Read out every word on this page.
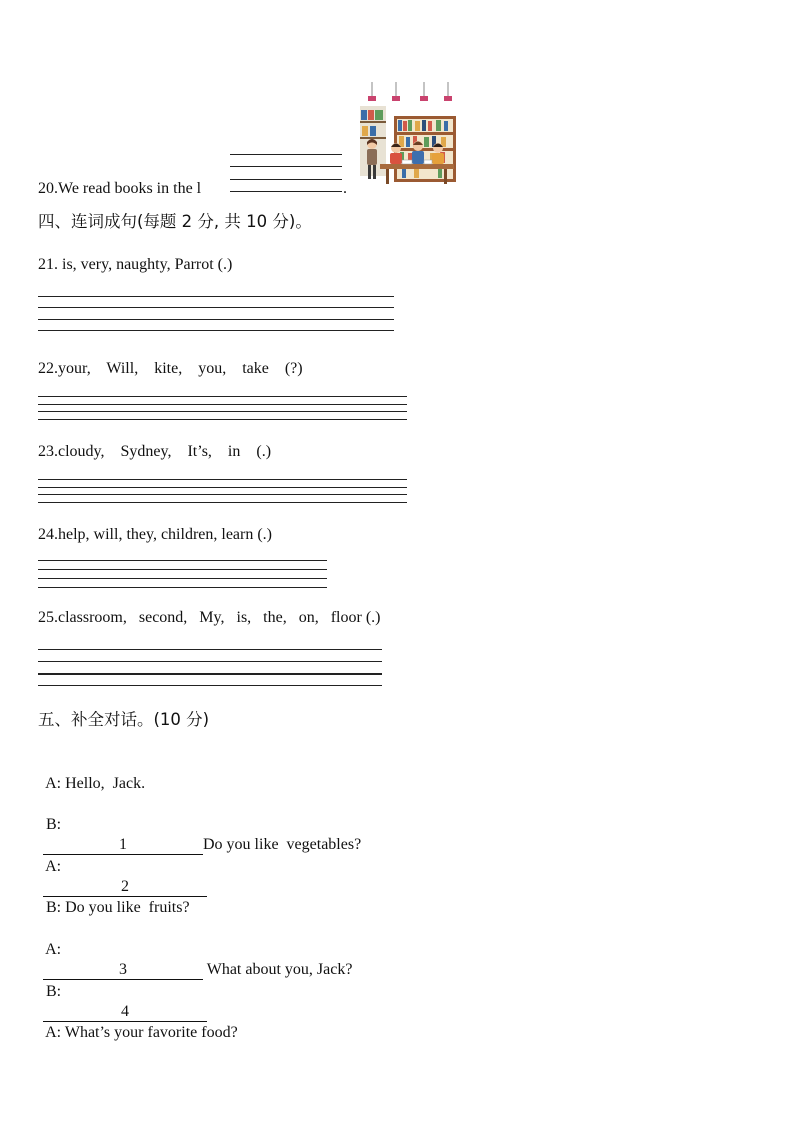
20.We read books in the l	.
四、连词成句(每题 2 分, 共 10 分)。
21. is, very, naughty, Parrot (.)
22.your,    Will,    kite,    you,    take    (?)
23.cloudy,    Sydney,    It’s,    in    (.)
24.help, will, they, children, learn (.)
25.classroom,   second,   My,   is,   the,   on,   floor (.)
五、补全对话。(10 分)

A: Hello,  Jack.

B:
1	Do you like  vegetables?

A:
2

B: Do you like  fruits?

A:
3	What about you, Jack?

B:
4

A: What’s your favorite food?
